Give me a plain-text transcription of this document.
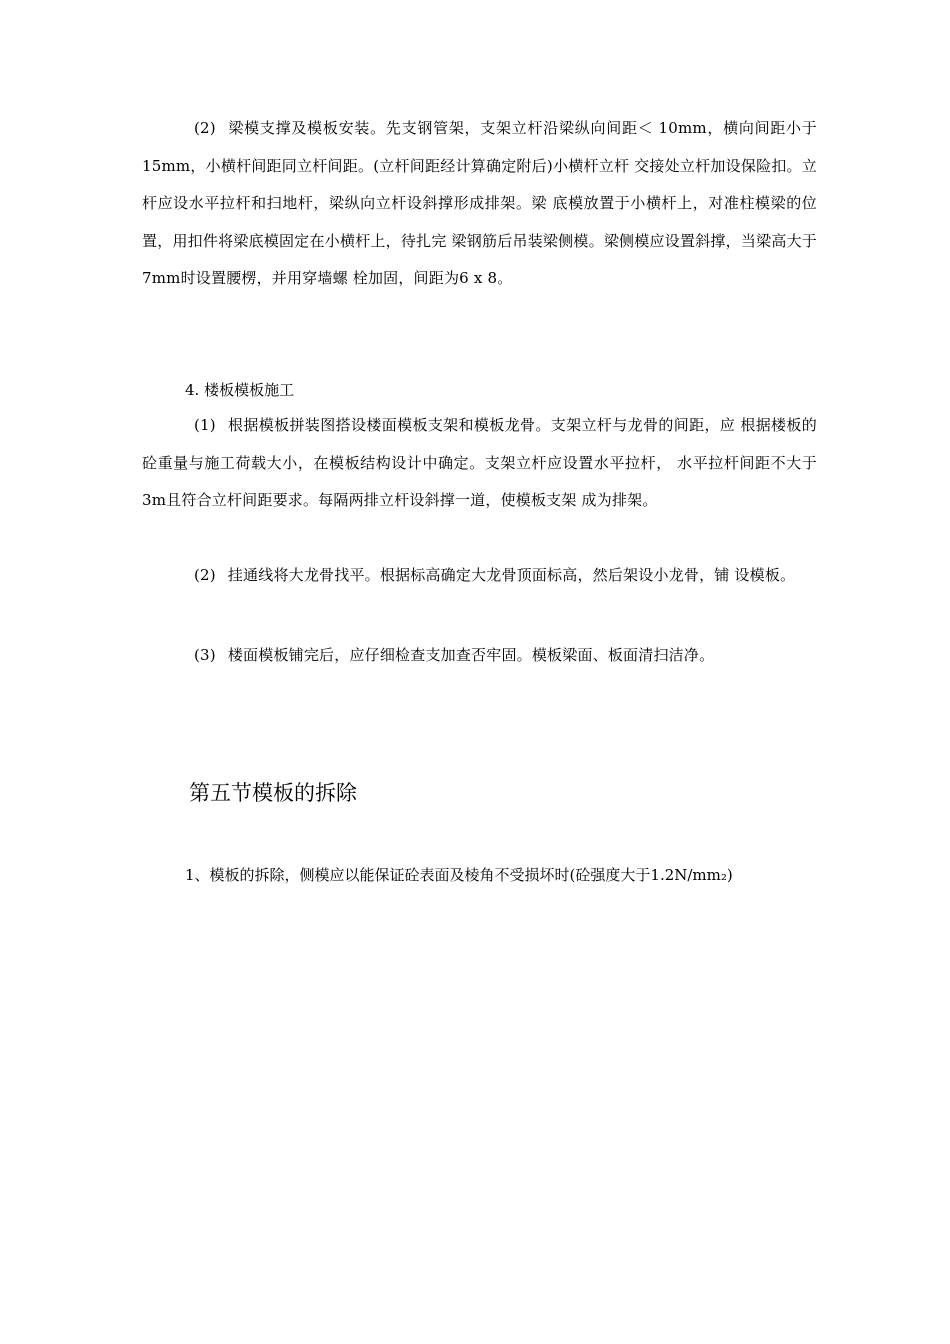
(2) 梁模支撑及模板安装。先支钢管架，支架立杆沿梁纵向间距＜ 10mm，横向间距小于15mm，小横杆间距同立杆间距。(立杆间距经计算确定附后)小横杆立杆 交接处立杆加设保险扣。立杆应设水平拉杆和扫地杆，梁纵向立杆设斜撑形成排架。梁 底模放置于小横杆上，对准柱模梁的位置，用扣件将梁底模固定在小横杆上，待扎完 梁钢筋后吊装梁侧模。梁侧模应设置斜撑，当梁高大于7mm时设置腰楞，并用穿墙螺 栓加固，间距为6 x 8。

4. 楼板模板施工

(1) 根据模板拼装图搭设楼面模板支架和模板龙骨。支架立杆与龙骨的间距，应 根据楼板的砼重量与施工荷载大小，在模板结构设计中确定。支架立杆应设置水平拉杆， 水平拉杆间距不大于3m且符合立杆间距要求。每隔两排立杆设斜撑一道，使模板支架 成为排架。

(2) 挂通线将大龙骨找平。根据标高确定大龙骨顶面标高，然后架设小龙骨，铺 设模板。

(3) 楼面模板铺完后，应仔细检查支加查否牢固。模板梁面、板面清扫洁净。

第五节模板的拆除

1、模板的拆除，侧模应以能保证砼表面及棱角不受损坏时(砼强度大于1.2N/mm₂)
